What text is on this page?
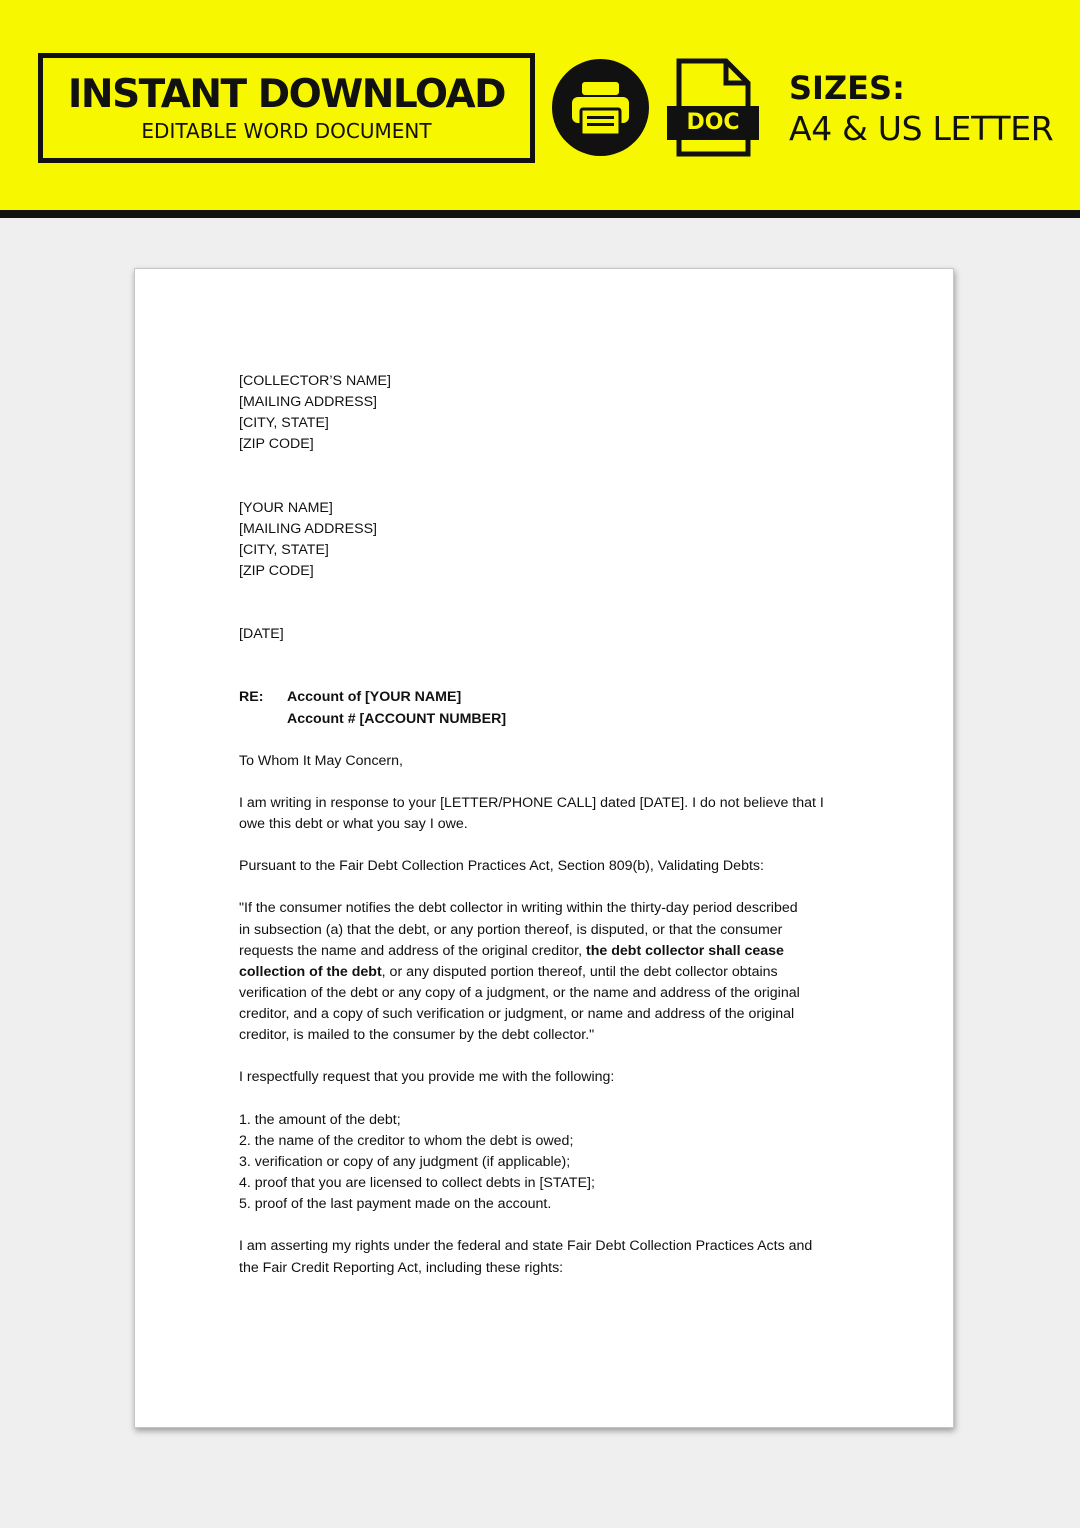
INSTANT DOWNLOAD
EDITABLE WORD DOCUMENT	DOC
SIZES:
A4 & US LETTER
[COLLECTOR’S NAME]
[MAILING ADDRESS]
[CITY, STATE]
[ZIP CODE]
[YOUR NAME]
[MAILING ADDRESS]
[CITY, STATE]
[ZIP CODE]
[DATE]
RE:	Account of [YOUR NAME]
Account # [ACCOUNT NUMBER]
To Whom It May Concern,
I am writing in response to your [LETTER/PHONE CALL] dated [DATE]. I do not believe that I
owe this debt or what you say I owe.
Pursuant to the Fair Debt Collection Practices Act, Section 809(b), Validating Debts:
"If the consumer notifies the debt collector in writing within the thirty-day period described
in subsection (a) that the debt, or any portion thereof, is disputed, or that the consumer
requests the name and address of the original creditor, the debt collector shall cease
collection of the debt, or any disputed portion thereof, until the debt collector obtains
verification of the debt or any copy of a judgment, or the name and address of the original
creditor, and a copy of such verification or judgment, or name and address of the original
creditor, is mailed to the consumer by the debt collector."
I respectfully request that you provide me with the following:
1. the amount of the debt;
2. the name of the creditor to whom the debt is owed;
3. verification or copy of any judgment (if applicable);
4. proof that you are licensed to collect debts in [STATE];
5. proof of the last payment made on the account.
I am asserting my rights under the federal and state Fair Debt Collection Practices Acts and
the Fair Credit Reporting Act, including these rights:
